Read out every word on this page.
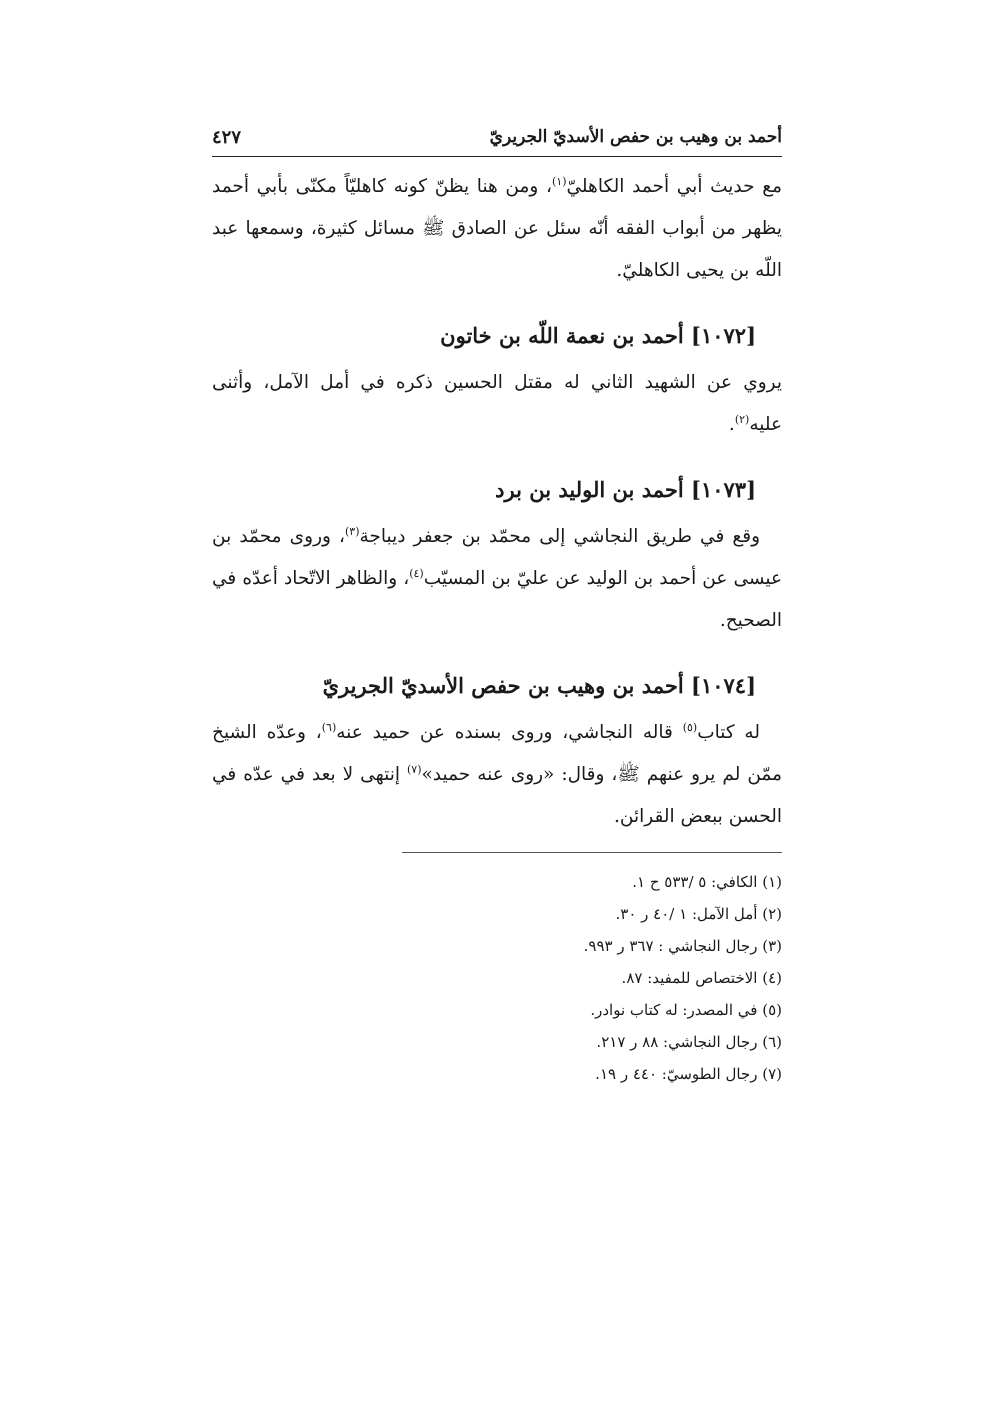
أحمد بن وهيب بن حفص الأسديّ الجريريّ
٤٢٧

مع حديث أبي أحمد الكاهليّ$^{(١)}$، ومن هنا يظنّ كونه كاهليّاً مكنّى بأبي أحمد يظهر من أبواب الفقه أنّه سئل عن الصادق ﷺ مسائل كثيرة، وسمعها عبد اللّه بن يحيى الكاهليّ.

[١٠٧٢] أحمد بن نعمة اللّه بن خاتون

يروي عن الشهيد الثاني له مقتل الحسين ذكره في أمل الآمل، وأثنى عليه$^{(٢)}$.

[١٠٧٣] أحمد بن الوليد بن برد

وقع في طريق النجاشي إلى محمّد بن جعفر ديباجة$^{(٣)}$، وروى محمّد بن عيسى عن أحمد بن الوليد عن عليّ بن المسيّب$^{(٤)}$، والظاهر الاتّحاد أعدّه في الصحيح.

[١٠٧٤] أحمد بن وهيب بن حفص الأسديّ الجريريّ

له كتاب$^{(٥)}$ قاله النجاشي، وروى بسنده عن حميد عنه$^{(٦)}$، وعدّه الشيخ ممّن لم يرو عنهم ﷺ، وقال: «روى عنه حميد»$^{(٧)}$ إنتهى لا بعد في عدّه في الحسن ببعض القرائن.

(١) الكافي: ٥ /٥٣٣ ح ١.
(٢) أمل الآمل: ١ /٤٠ ر ٣٠.
(٣) رجال النجاشي : ٣٦٧ ر ٩٩٣.
(٤) الاختصاص للمفيد: ٨٧.
(٥) في المصدر: له كتاب نوادر.
(٦) رجال النجاشي: ٨٨ ر ٢١٧.
(٧) رجال الطوسيّ: ٤٤٠ ر ١٩.
